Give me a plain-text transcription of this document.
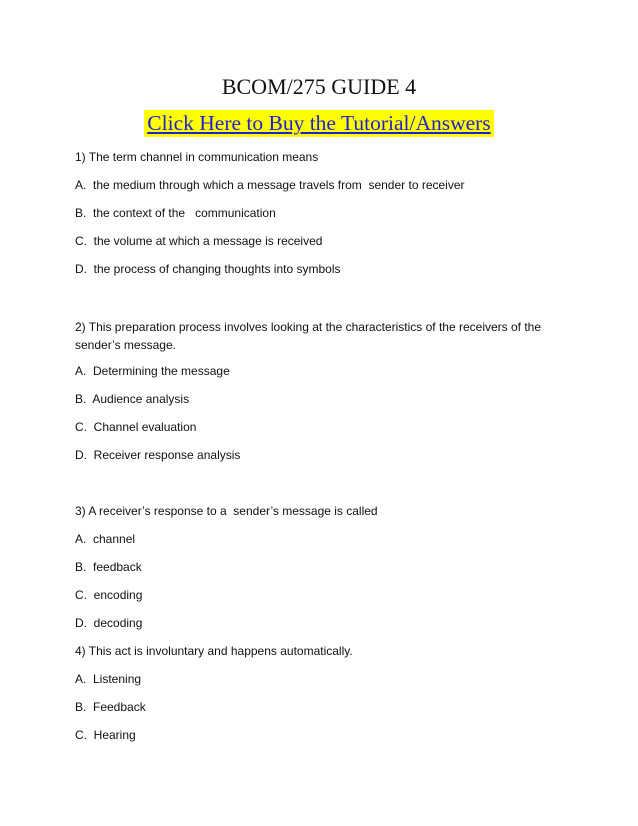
BCOM/275 GUIDE 4
Click Here to Buy the Tutorial/Answers
1) The term channel in communication means
A.  the medium through which a message travels from  sender to receiver
B.  the context of the   communication
C.  the volume at which a message is received
D.  the process of changing thoughts into symbols
2) This preparation process involves looking at the characteristics of the receivers of the sender’s message.
A.  Determining the message
B.  Audience analysis
C.  Channel evaluation
D.  Receiver response analysis
3) A receiver’s response to a  sender’s message is called
A.  channel
B.  feedback
C.  encoding
D.  decoding
4) This act is involuntary and happens automatically.
A.  Listening
B.  Feedback
C.  Hearing
